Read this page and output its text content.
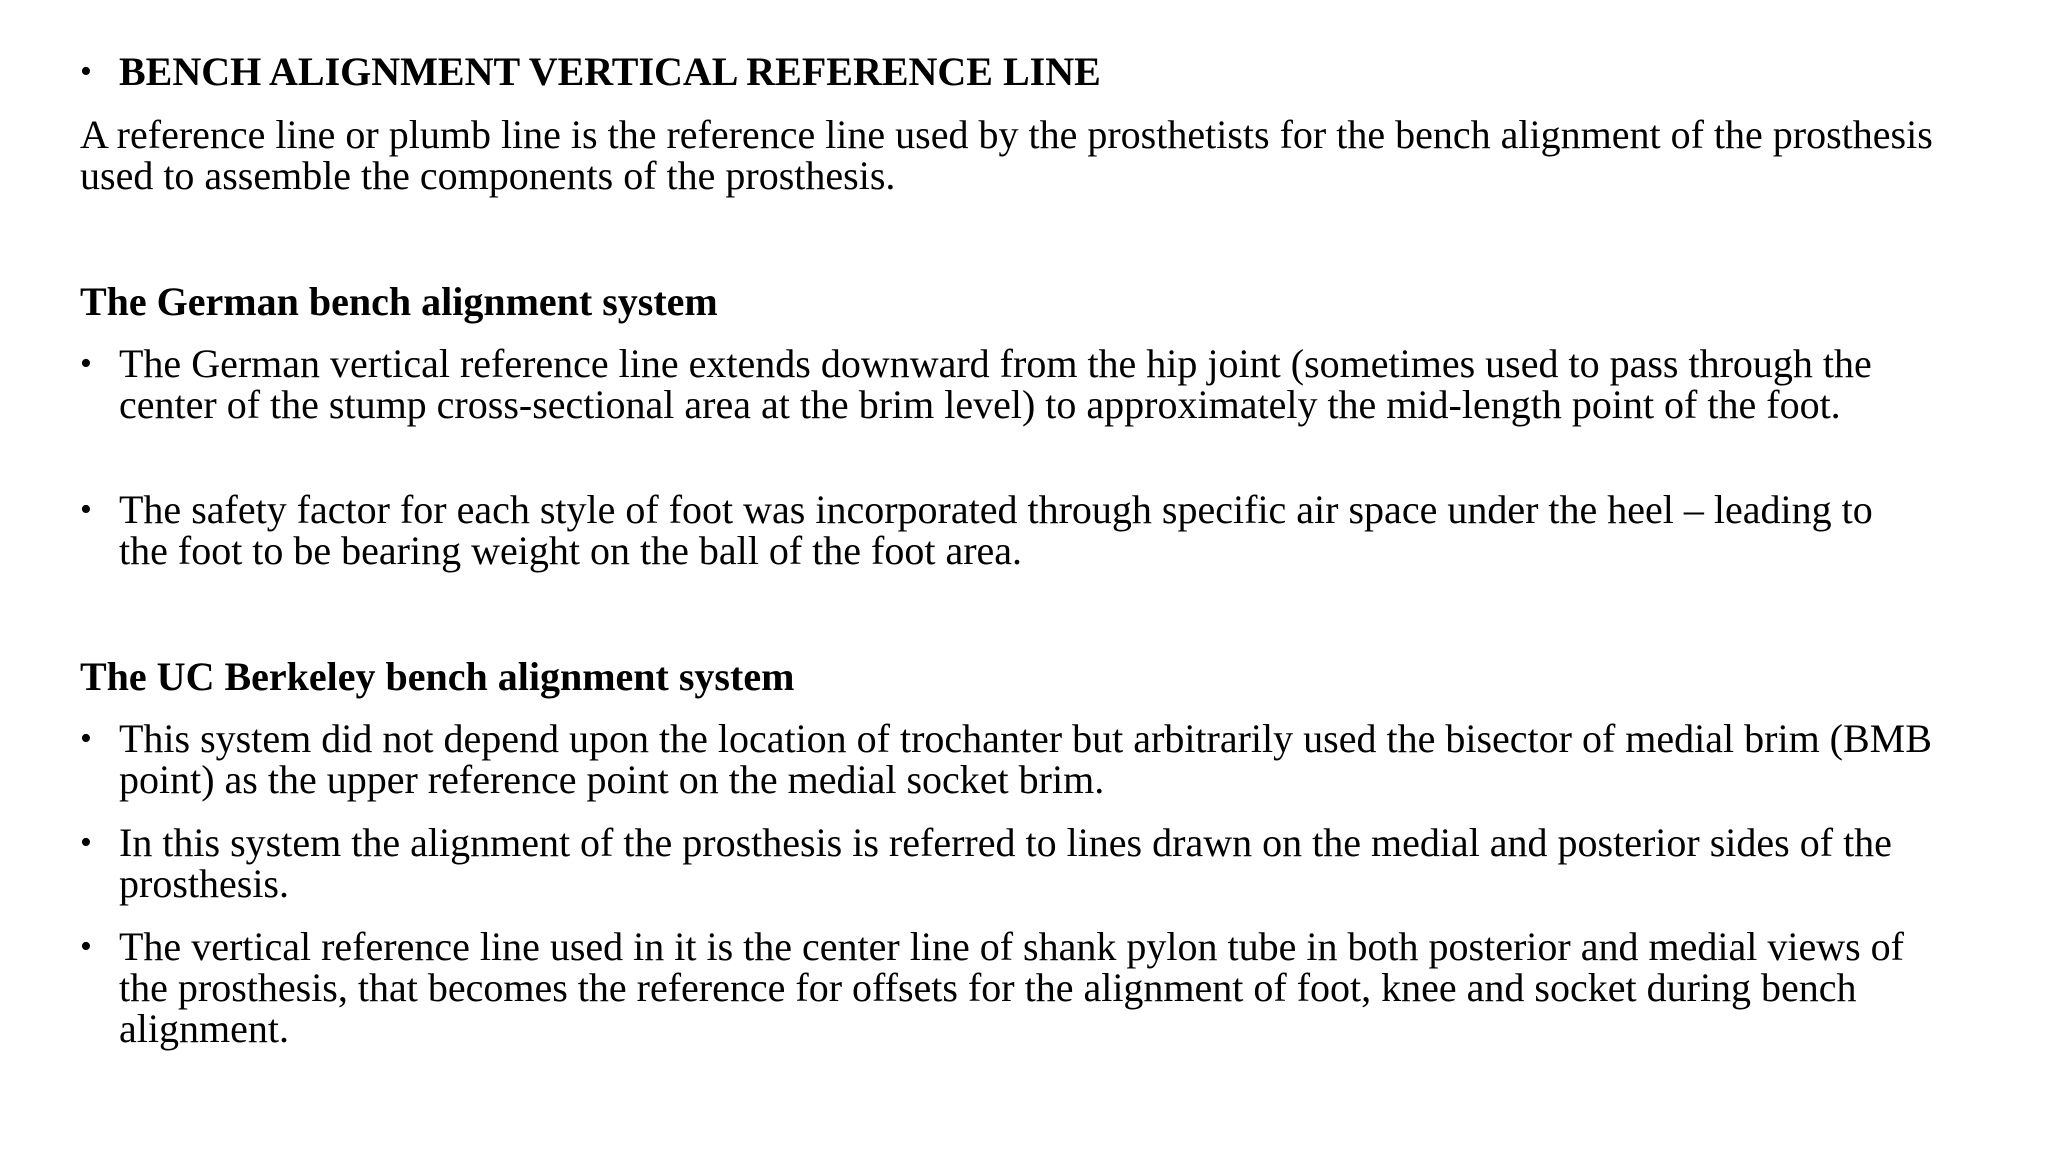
• BENCH ALIGNMENT VERTICAL REFERENCE LINE
A reference line or plumb line is the reference line used by the prosthetists for the bench alignment of the prosthesis used to assemble the components of the prosthesis.
The German bench alignment system
• The German vertical reference line extends downward from the hip joint (sometimes used to pass through the center of the stump cross-sectional area at the brim level) to approximately the mid-length point of the foot.
• The safety factor for each style of foot was incorporated through specific air space under the heel – leading to the foot to be bearing weight on the ball of the foot area.
The UC Berkeley bench alignment system
• This system did not depend upon the location of trochanter but arbitrarily used the bisector of medial brim (BMB point) as the upper reference point on the medial socket brim.
• In this system the alignment of the prosthesis is referred to lines drawn on the medial and posterior sides of the prosthesis.
• The vertical reference line used in it is the center line of shank pylon tube in both posterior and medial views of the prosthesis, that becomes the reference for offsets for the alignment of foot, knee and socket during bench alignment.
